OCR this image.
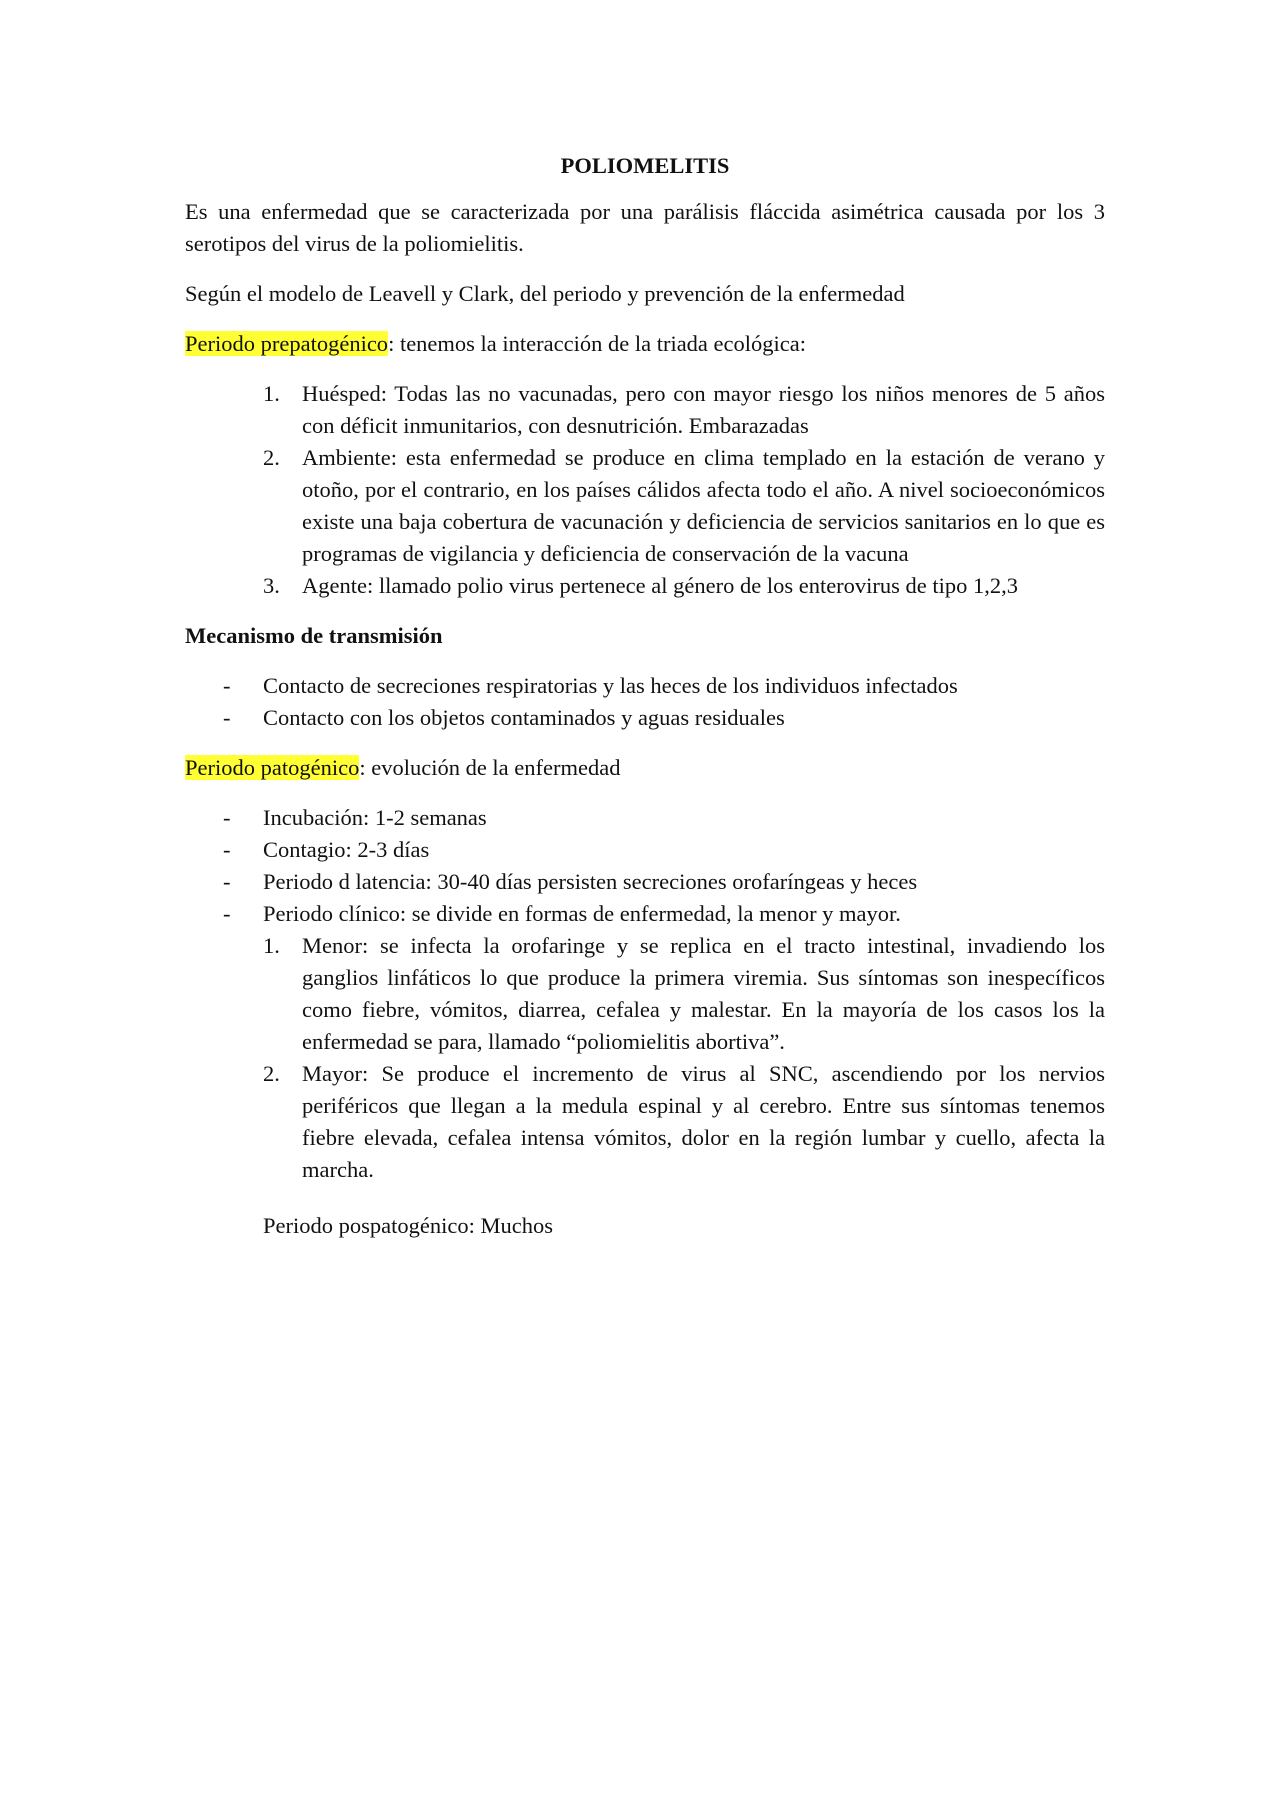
POLIOMELITIS

Es una enfermedad que se caracterizada por una parálisis fláccida asimétrica causada por los 3 serotipos del virus de la poliomielitis.

Según el modelo de Leavell y Clark, del periodo y prevención de la enfermedad

Periodo prepatogénico: tenemos la interacción de la triada ecológica:

1. Huésped: Todas las no vacunadas, pero con mayor riesgo los niños menores de 5 años con déficit inmunitarios, con desnutrición. Embarazadas
2. Ambiente: esta enfermedad se produce en clima templado en la estación de verano y otoño, por el contrario, en los países cálidos afecta todo el año. A nivel socioeconómicos existe una baja cobertura de vacunación y deficiencia de servicios sanitarios en lo que es programas de vigilancia y deficiencia de conservación de la vacuna
3. Agente: llamado polio virus pertenece al género de los enterovirus de tipo 1,2,3

Mecanismo de transmisión

- Contacto de secreciones respiratorias y las heces de los individuos infectados
- Contacto con los objetos contaminados y aguas residuales

Periodo patogénico: evolución de la enfermedad

- Incubación: 1-2 semanas
- Contagio: 2-3 días
- Periodo d latencia: 30-40 días persisten secreciones orofaríngeas y heces
- Periodo clínico: se divide en formas de enfermedad, la menor y mayor.
1. Menor: se infecta la orofaringe y se replica en el tracto intestinal, invadiendo los ganglios linfáticos lo que produce la primera viremia. Sus síntomas son inespecíficos como fiebre, vómitos, diarrea, cefalea y malestar. En la mayoría de los casos los la enfermedad se para, llamado “poliomielitis abortiva”.
2. Mayor: Se produce el incremento de virus al SNC, ascendiendo por los nervios periféricos que llegan a la medula espinal y al cerebro. Entre sus síntomas tenemos fiebre elevada, cefalea intensa vómitos, dolor en la región lumbar y cuello, afecta la marcha.

Periodo pospatogénico: Muchos
